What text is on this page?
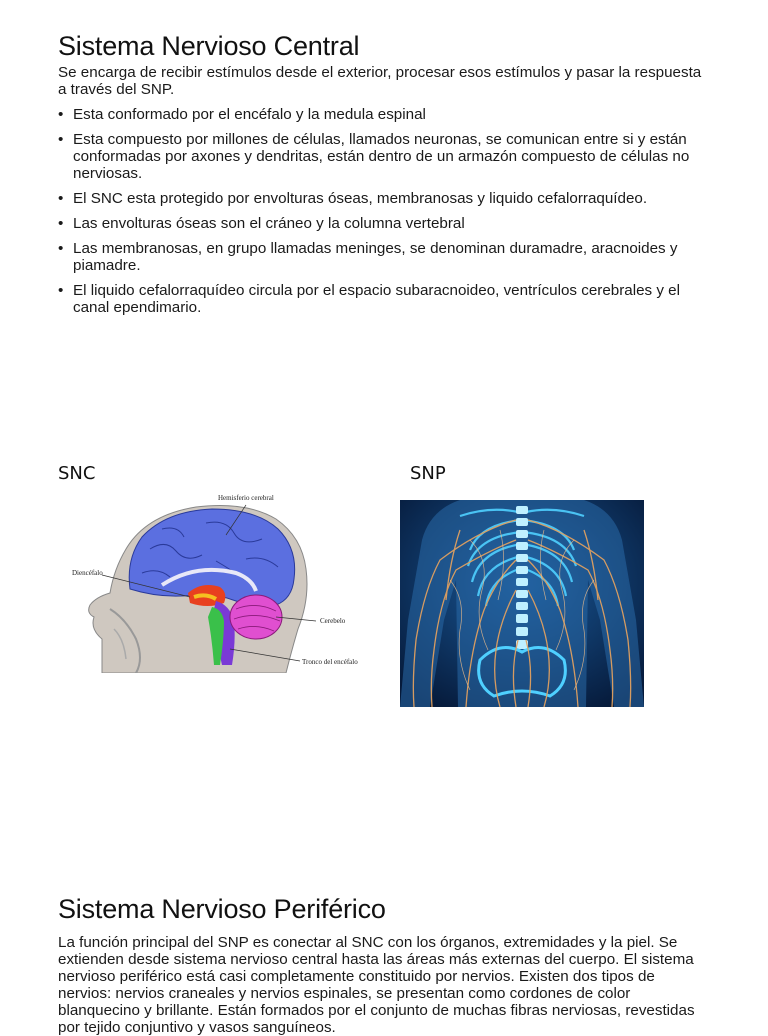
Sistema Nervioso Central

Se encarga de recibir estímulos desde el exterior, procesar esos estímulos y pasar la respuesta a través del SNP.

• Esta conformado por el encéfalo y la medula espinal
• Esta compuesto por millones de células, llamados neuronas, se comunican entre si y están conformadas por axones y dendritas, están dentro de un armazón compuesto de células no nerviosas.
• El SNC esta protegido por envolturas óseas, membranosas y liquido cefalorraquídeo.
• Las envolturas óseas son el cráneo y la columna vertebral
• Las membranosas, en grupo llamadas meninges, se denominan duramadre, aracnoides y piamadre.
• El liquido cefalorraquídeo circula por el espacio subaracnoideo, ventrículos cerebrales y el canal ependimario.
SNC	SNP
Hemisferio cerebral
Diencéfalo
Cerebelo
Tronco del encéfalo
Sistema Nervioso Periférico

La función principal del SNP es conectar al SNC con los órganos, extremidades y la piel. Se extienden desde sistema nervioso central hasta las áreas más externas del cuerpo. El sistema nervioso periférico está casi completamente constituido por nervios. Existen dos tipos de nervios: nervios craneales y nervios espinales, se presentan como cordones de color blanquecino y brillante. Están formados por el conjunto de muchas fibras nerviosas, revestidas por tejido conjuntivo y vasos sanguíneos.
